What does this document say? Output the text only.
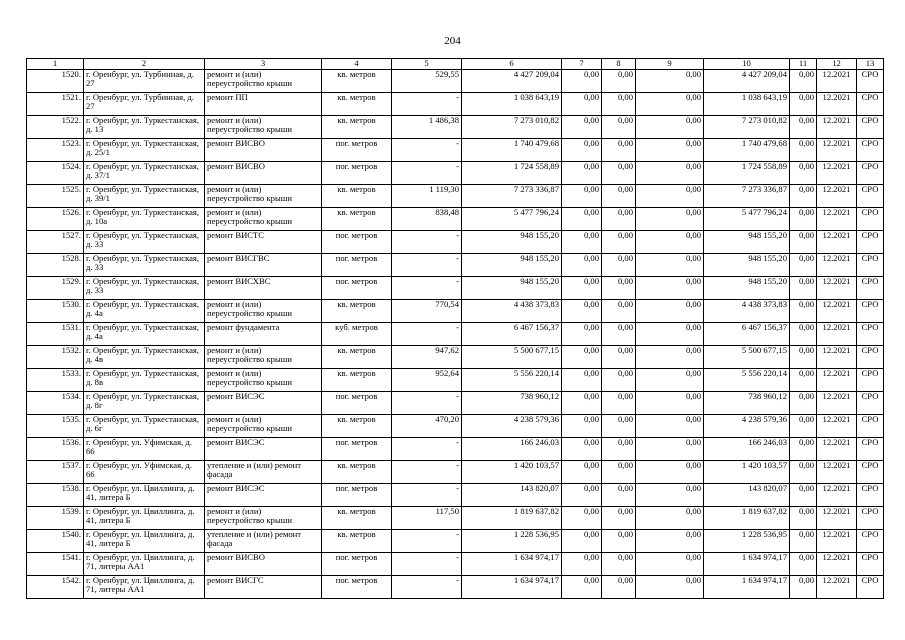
204
1	2	3	4	5	6	7	8	9	10	11	12	13
1520.	г. Оренбург, ул. Турбинная, д. 27	ремонт и (или) переустройство крыши	кв. метров	529,55	4 427 209,04	0,00	0,00	0,00	4 427 209,04	0,00	12.2021	СРО
1521.	г. Оренбург, ул. Турбинная, д. 27	ремонт ПП	кв. метров	-	1 038 643,19	0,00	0,00	0,00	1 038 643,19	0,00	12.2021	СРО
1522.	г. Оренбург, ул. Туркестанская, д. 13	ремонт и (или) переустройство крыши	кв. метров	1 486,38	7 273 010,82	0,00	0,00	0,00	7 273 010,82	0,00	12.2021	СРО
1523.	г. Оренбург, ул. Туркестанская, д. 25/1	ремонт ВИСВО	пог. метров	-	1 740 479,68	0,00	0,00	0,00	1 740 479,68	0,00	12.2021	СРО
1524.	г. Оренбург, ул. Туркестанская, д. 37/1	ремонт ВИСВО	пог. метров	-	1 724 558,89	0,00	0,00	0,00	1 724 558,89	0,00	12.2021	СРО
1525.	г. Оренбург, ул. Туркестанская, д. 39/1	ремонт и (или) переустройство крыши	кв. метров	1 119,30	7 273 336,87	0,00	0,00	0,00	7 273 336,87	0,00	12.2021	СРО
1526.	г. Оренбург, ул. Туркестанская, д. 10а	ремонт и (или) переустройство крыши	кв. метров	838,48	5 477 796,24	0,00	0,00	0,00	5 477 796,24	0,00	12.2021	СРО
1527.	г. Оренбург, ул. Туркестанская, д. 33	ремонт ВИСТС	пог. метров	-	948 155,20	0,00	0,00	0,00	948 155,20	0,00	12.2021	СРО
1528.	г. Оренбург, ул. Туркестанская, д. 33	ремонт ВИСГВС	пог. метров	-	948 155,20	0,00	0,00	0,00	948 155,20	0,00	12.2021	СРО
1529.	г. Оренбург, ул. Туркестанская, д. 33	ремонт ВИСХВС	пог. метров	-	948 155,20	0,00	0,00	0,00	948 155,20	0,00	12.2021	СРО
1530.	г. Оренбург, ул. Туркестанская, д. 4а	ремонт и (или) переустройство крыши	кв. метров	770,54	4 438 373,83	0,00	0,00	0,00	4 438 373,83	0,00	12.2021	СРО
1531.	г. Оренбург, ул. Туркестанская, д. 4а	ремонт фундамента	куб. метров	-	6 467 156,37	0,00	0,00	0,00	6 467 156,37	0,00	12.2021	СРО
1532.	г. Оренбург, ул. Туркестанская, д. 4в	ремонт и (или) переустройство крыши	кв. метров	947,62	5 500 677,15	0,00	0,00	0,00	5 500 677,15	0,00	12.2021	СРО
1533.	г. Оренбург, ул. Туркестанская, д. 8в	ремонт и (или) переустройство крыши	кв. метров	952,64	5 556 220,14	0,00	0,00	0,00	5 556 220,14	0,00	12.2021	СРО
1534.	г. Оренбург, ул. Туркестанская, д. 8г	ремонт ВИСЭС	пог. метров	-	738 960,12	0,00	0,00	0,00	738 960,12	0,00	12.2021	СРО
1535.	г. Оренбург, ул. Туркестанская, д. 6г	ремонт и (или) переустройство крыши	кв. метров	470,20	4 238 579,36	0,00	0,00	0,00	4 238 579,36	0,00	12.2021	СРО
1536.	г. Оренбург, ул. Уфимская, д. 66	ремонт ВИСЭС	пог. метров	-	166 246,03	0,00	0,00	0,00	166 246,03	0,00	12.2021	СРО
1537.	г. Оренбург, ул. Уфимская, д. 66	утепление и (или) ремонт фасада	кв. метров	-	1 420 103,57	0,00	0,00	0,00	1 420 103,57	0,00	12.2021	СРО
1538.	г. Оренбург, ул. Цвиллинга, д. 41, литера Б	ремонт ВИСЭС	пог. метров	-	143 820,07	0,00	0,00	0,00	143 820,07	0,00	12.2021	СРО
1539.	г. Оренбург, ул. Цвиллинга, д. 41, литера Б	ремонт и (или) переустройство крыши	кв. метров	117,50	1 819 637,82	0,00	0,00	0,00	1 819 637,82	0,00	12.2021	СРО
1540.	г. Оренбург, ул. Цвиллинга, д. 41, литера Б	утепление и (или) ремонт фасада	кв. метров	-	1 228 536,95	0,00	0,00	0,00	1 228 536,95	0,00	12.2021	СРО
1541.	г. Оренбург, ул. Цвиллинга, д. 71, литеры АА1	ремонт ВИСВО	пог. метров	-	1 634 974,17	0,00	0,00	0,00	1 634 974,17	0,00	12.2021	СРО
1542.	г. Оренбург, ул. Цвиллинга, д. 71, литеры АА1	ремонт ВИСГС	пог. метров	-	1 634 974,17	0,00	0,00	0,00	1 634 974,17	0,00	12.2021	СРО
